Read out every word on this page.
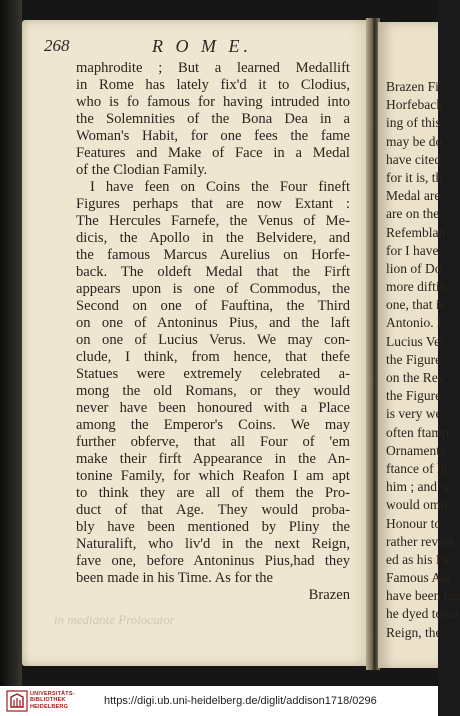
Brazen Fi
Horfeback
ing of this
may be do
have cited
for it is, th
Medal are
are on the
Refemblan
for I have
lion of Do
more diftin
one, that is
Antonio. I
Lucius Ver
the Figure
on the Rev
the Figure
is very we
often ftamp
Ornaments
ftance of hi
him ; and w
would omit
Honour to
rather revere
ed as his Pa
Famous Aut
have been ma
he dyed towa
Reign, the
268	R O M E.
maphrodite ; But a learned Medallift
in Rome has lately fix'd it to Clodius,
who is fo famous for having intruded into
the Solemnities of the Bona Dea in a
Woman's Habit, for one fees the fame
Features and Make of Face in a Medal
of the Clodian Family.
I have feen on Coins the Four fineft
Figures perhaps that are now Extant :
The Hercules Farnefe, the Venus of Me-
dicis, the Apollo in the Belvidere, and
the famous Marcus Aurelius on Horfe-
back. The oldeft Medal that the Firft
appears upon is one of Commodus, the
Second on one of Fauftina, the Third
on one of Antoninus Pius, and the laft
on one of Lucius Verus. We may con-
clude, I think, from hence, that thefe
Statues were extremely celebrated a-
mong the old Romans, or they would
never have been honoured with a Place
among the Emperor's Coins. We may
further obferve, that all Four of 'em
make their firft Appearance in the An-
tonine Family, for which Reafon I am apt
to think they are all of them the Pro-
duct of that Age. They would proba-
bly have been mentioned by Pliny the
Naturalift, who liv'd in the next Reign,
fave one, before Antoninus Pius,had they
been made in his Time. As for the
Brazen
in mediante Prolocutor
UNIVERSITÄTS-
BIBLIOTHEK
HEIDELBERG	https://digi.ub.uni-heidelberg.de/diglit/addison1718/0296
